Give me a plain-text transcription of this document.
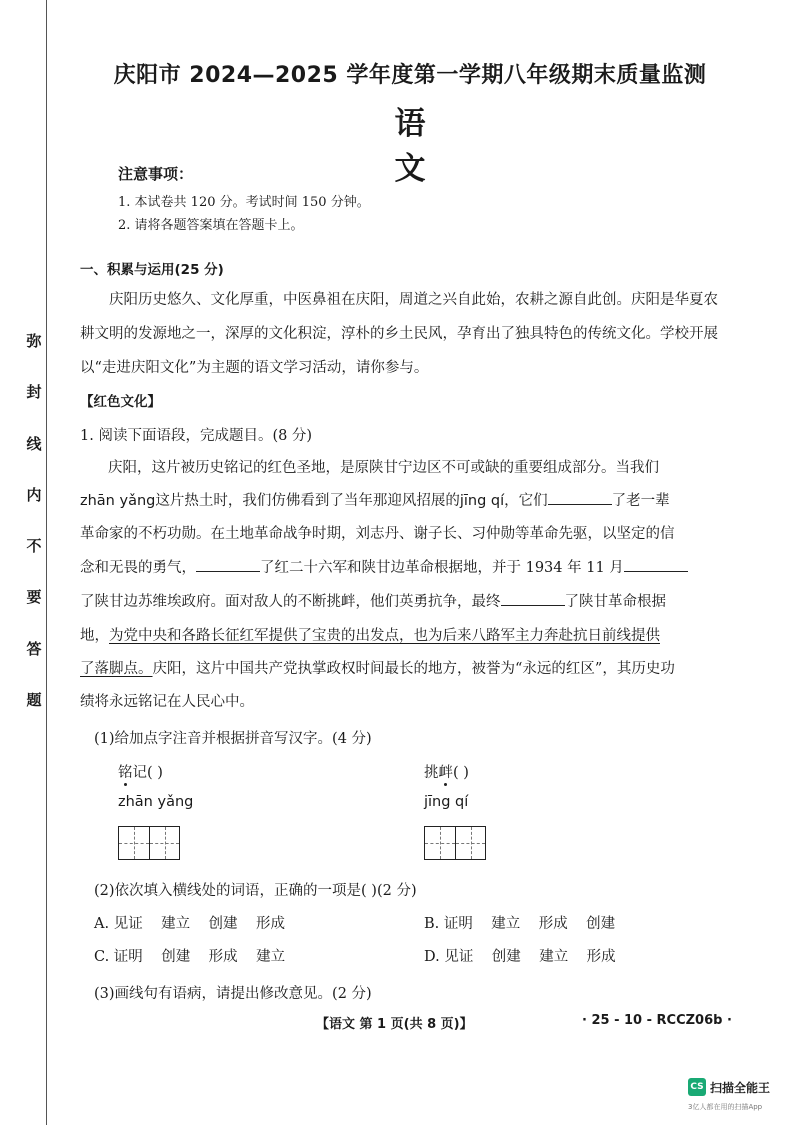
弥
封
线
内
不
要
答
题
庆阳市 2024—2025 学年度第一学期八年级期末质量监测
语文
注意事项：
1. 本试卷共 120 分。考试时间 150 分钟。
2. 请将各题答案填在答题卡上。
一、积累与运用(25 分)
庆阳历史悠久、文化厚重，中医鼻祖在庆阳，周道之兴自此始，农耕之源自此创。庆阳是华夏农耕文明的发源地之一，深厚的文化积淀，淳朴的乡土民风，孕育出了独具特色的传统文化。学校开展以“走进庆阳文化”为主题的语文学习活动，请你参与。
【红色文化】
1. 阅读下面语段，完成题目。(8 分)
庆阳，这片被历史铭记的红色圣地，是原陕甘宁边区不可或缺的重要组成部分。当我们
zhān yǎng这片热土时，我们仿佛看到了当年那迎风招展的jīng qí，它们	了老一辈
革命家的不朽功勋。在土地革命战争时期，刘志丹、谢子长、习仲勋等革命先驱，以坚定的信
念和无畏的勇气，	了红二十六军和陕甘边革命根据地，并于 1934 年 11 月
了陕甘边苏维埃政府。面对敌人的不断挑衅，他们英勇抗争，最终	了陕甘革命根据
地，为党中央和各路长征红军提供了宝贵的出发点，也为后来八路军主力奔赴抗日前线提供
了落脚点。庆阳，这片中国共产党执掌政权时间最长的地方，被誉为“永远的红区”，其历史功
绩将永远铭记在人民心中。
(1)给加点字注音并根据拼音写汉字。(4 分)
铭记( )	挑衅( )
zhān yǎng	jīng qí
(2)依次填入横线处的词语，正确的一项是( )(2 分)
A. 见证    建立    创建    形成	B. 证明    建立    形成    创建
C. 证明    创建    形成    建立	D. 见证    创建    建立    形成
(3)画线句有语病，请提出修改意见。(2 分)
【语文 第 1 页(共 8 页)】	· 25 - 10 - RCCZ06b ·
CS 扫描全能王
3亿人都在用的扫描App
